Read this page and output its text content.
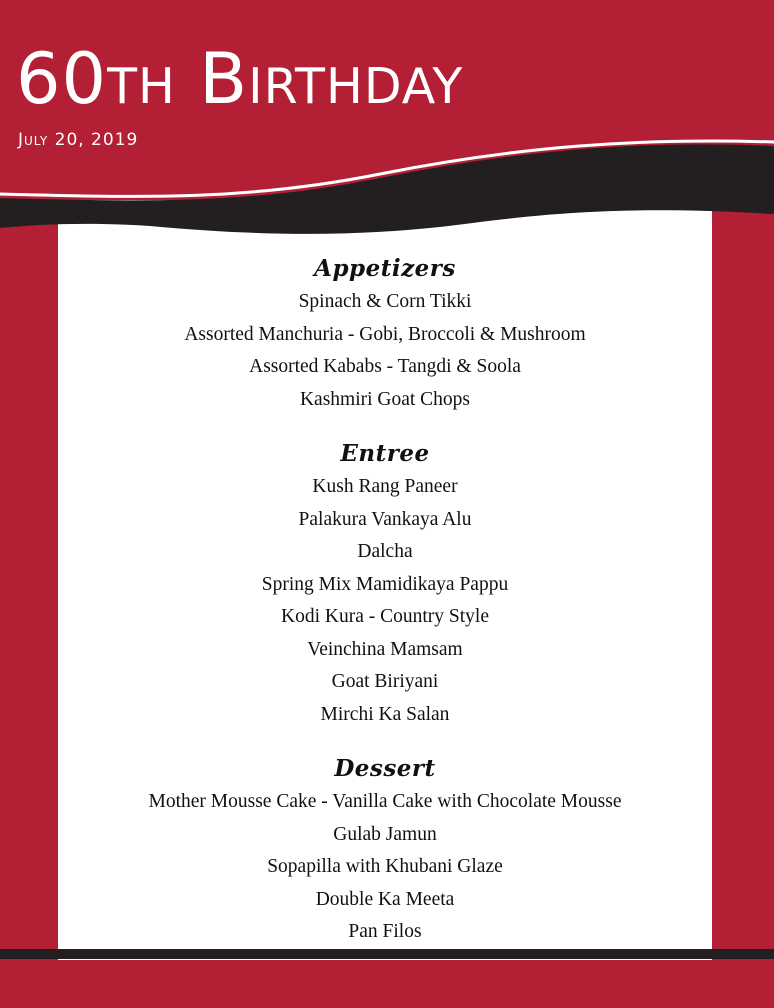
60th Birthday
July 20, 2019
Appetizers
Spinach & Corn Tikki
Assorted Manchuria - Gobi, Broccoli & Mushroom
Assorted Kababs - Tangdi & Soola
Kashmiri Goat Chops
Entree
Kush Rang Paneer
Palakura Vankaya Alu
Dalcha
Spring Mix Mamidikaya Pappu
Kodi Kura - Country Style
Veinchina Mamsam
Goat Biriyani
Mirchi Ka Salan
Dessert
Mother Mousse Cake - Vanilla Cake with Chocolate Mousse
Gulab Jamun
Sopapilla with Khubani Glaze
Double Ka Meeta
Pan Filos
